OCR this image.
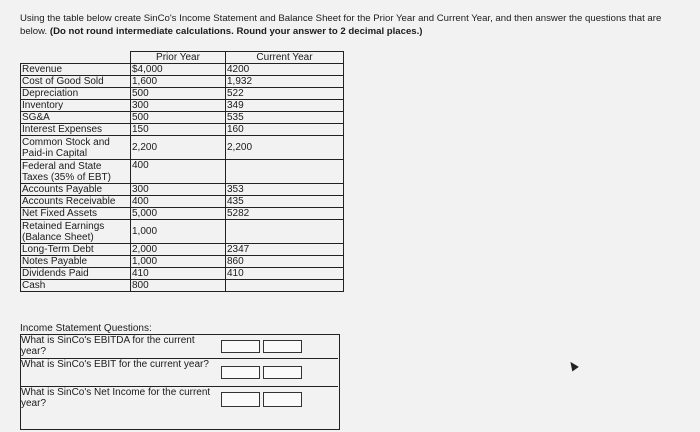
Using the table below create SinCo's Income Statement and Balance Sheet for the Prior Year and Current Year, and then answer the questions that are below. (Do not round intermediate calculations. Round your answer to 2 decimal places.)

	Prior Year	Current Year
Revenue	$4,000	4200
Cost of Good Sold	1,600	1,932
Depreciation	500	522
Inventory	300	349
SG&A	500	535
Interest Expenses	150	160
Common Stock and Paid-in Capital	2,200	2,200
Federal and State Taxes (35% of EBT)	400	
Accounts Payable	300	353
Accounts Receivable	400	435
Net Fixed Assets	5,000	5282
Retained Earnings (Balance Sheet)	1,000	
Long-Term Debt	2,000	2347
Notes Payable	1,000	860
Dividends Paid	410	410
Cash	800	
Income Statement Questions:
What is SinCo's EBITDA for the current year?
What is SinCo's EBIT for the current year?
What is SinCo's Net Income for the current year?
